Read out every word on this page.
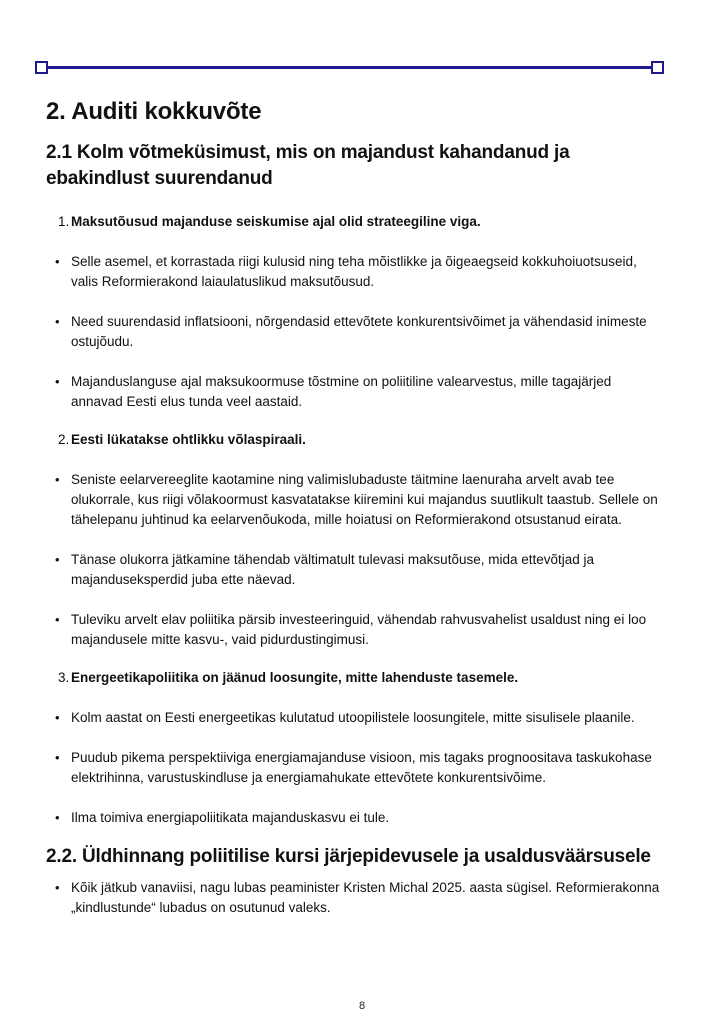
2. Auditi kokkuvõte
2.1 Kolm võtmeküsimust, mis on majandust kahandanud ja ebakindlust suurendanud
1. Maksutõusud majanduse seiskumise ajal olid strateegiline viga.
• Selle asemel, et korrastada riigi kulusid ning teha mõistlikke ja õigeaegseid kokkuhoiuotsuseid, valis Reformierakond laiaulatuslikud maksutõusud.
• Need suurendasid inflatsiooni, nõrgendasid ettevõtete konkurentsivõimet ja vähendasid inimeste ostujõudu.
• Majanduslanguse ajal maksukoormuse tõstmine on poliitiline valearvestus, mille tagajärjed annavad Eesti elus tunda veel aastaid.
2. Eesti lükatakse ohtlikku võlaspiraali.
• Seniste eelarvereeglite kaotamine ning valimislubaduste täitmine laenuraha arvelt avab tee olukorrale, kus riigi võlakoormust kasvatatakse kiiremini kui majandus suutlikult taastub. Sellele on tähelepanu juhtinud ka eelarvenõukoda, mille hoiatusi on Reformierakond otsustanud eirata.
• Tänase olukorra jätkamine tähendab vältimatult tulevasi maksutõuse, mida ettevõtjad ja majanduseksperdid juba ette näevad.
• Tuleviku arvelt elav poliitika pärsib investeeringuid, vähendab rahvusvahelist usaldust ning ei loo majandusele mitte kasvu-, vaid pidurdustingimusi.
3. Energeetikapoliitika on jäänud loosungite, mitte lahenduste tasemele.
• Kolm aastat on Eesti energeetikas kulutatud utoopilistele loosungitele, mitte sisulisele plaanile.
• Puudub pikema perspektiiviga energiamajanduse visioon, mis tagaks prognoositava taskukohase elektrihinna, varustuskindluse ja energiamahukate ettevõtete konkurentsivõime.
• Ilma toimiva energiapoliitikata majanduskasvu ei tule.
2.2. Üldhinnang poliitilise kursi järjepidevusele ja usaldusväärsusele
• Kõik jätkub vanaviisi, nagu lubas peaminister Kristen Michal 2025. aasta sügisel. Reformierakonna „kindlustunde“ lubadus on osutunud valeks.
8
